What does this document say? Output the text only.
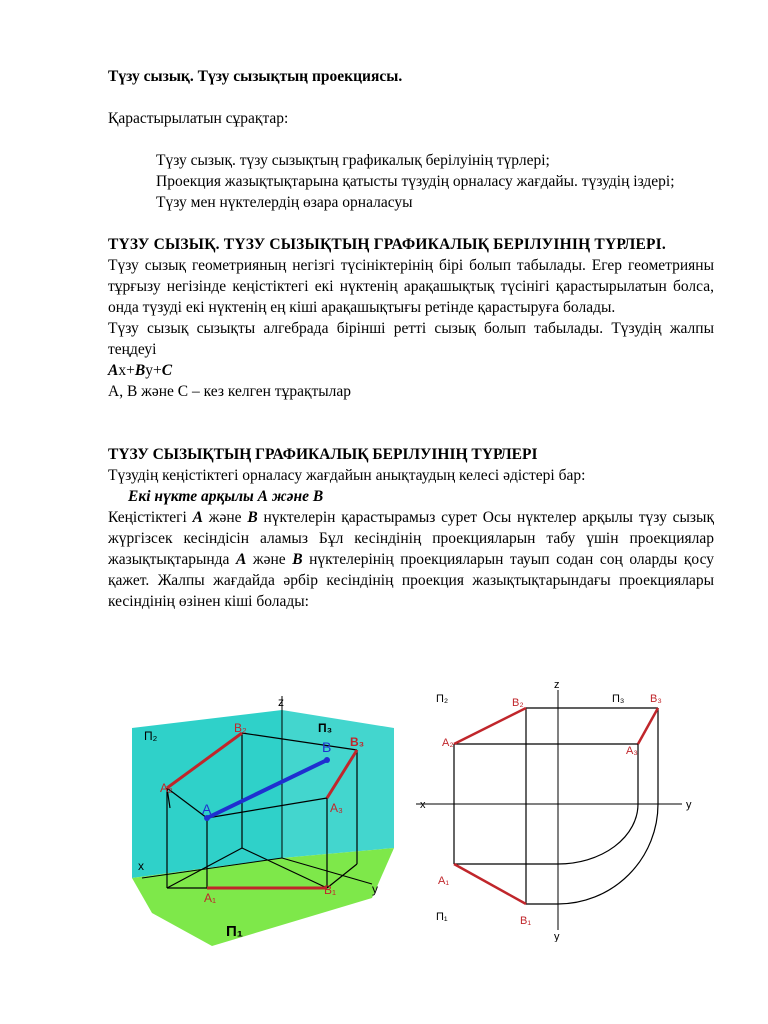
Түзу сызық. Түзу сызықтың проекциясы.

Қарастырылатын сұрақтар:

Түзу сызық. түзу сызықтың графикалық берілуінің түрлері;
Проекция жазықтықтарына қатысты түзудің орналасу жағдайы. түзудің іздері;
Түзу мен нүктелердің өзара орналасуы

ТҮЗУ СЫЗЫҚ. ТҮЗУ СЫЗЫҚТЫҢ ГРАФИКАЛЫҚ БЕРІЛУІНІҢ ТҮРЛЕРІ.

Түзу сызық геометрияның негізгі түсініктерінің бірі болып табылады. Егер геометрияны тұрғызу негізінде кеңістіктегі екі нүктенің арақашықтық түсінігі қарастырылатын болса, онда түзуді екі нүктенің ең кіші арақашықтығы ретінде қарастыруға болады.

Түзу сызық сызықты алгебрада бірінші ретті сызық болып табылады. Түзудің жалпы теңдеуі

Ax+By+C

А, В және С – кез келген тұрақтылар

ТҮЗУ СЫЗЫҚТЫҢ ГРАФИКАЛЫҚ БЕРІЛУІНІҢ ТҮРЛЕРІ

Түзудің кеңістіктегі орналасу жағдайын анықтаудың келесі әдістері бар:

Екі нүкте арқылы А және В

Кеңістіктегі А және В нүктелерін қарастырамыз сурет Осы нүктелер арқылы түзу сызық жүргізсек кесіндісін аламыз Бұл кесіндінің проекцияларын табу үшін проекциялар жазықтықтарында А және В нүктелерінің проекцияларын тауып содан соң оларды қосу қажет. Жалпы жағдайда әрбір кесіндінің проекция жазықтықтарындағы проекциялары кесіндінің өзінен кіші болады:

П₂
П₃
П₁
z
x
y
A
B
A₂
B₂
B₃
A₃
A₁
B₁
П₂	П₃
П₁
z
x	y
y
A₂
B₂	B₃
A₃
A₁
B₁
